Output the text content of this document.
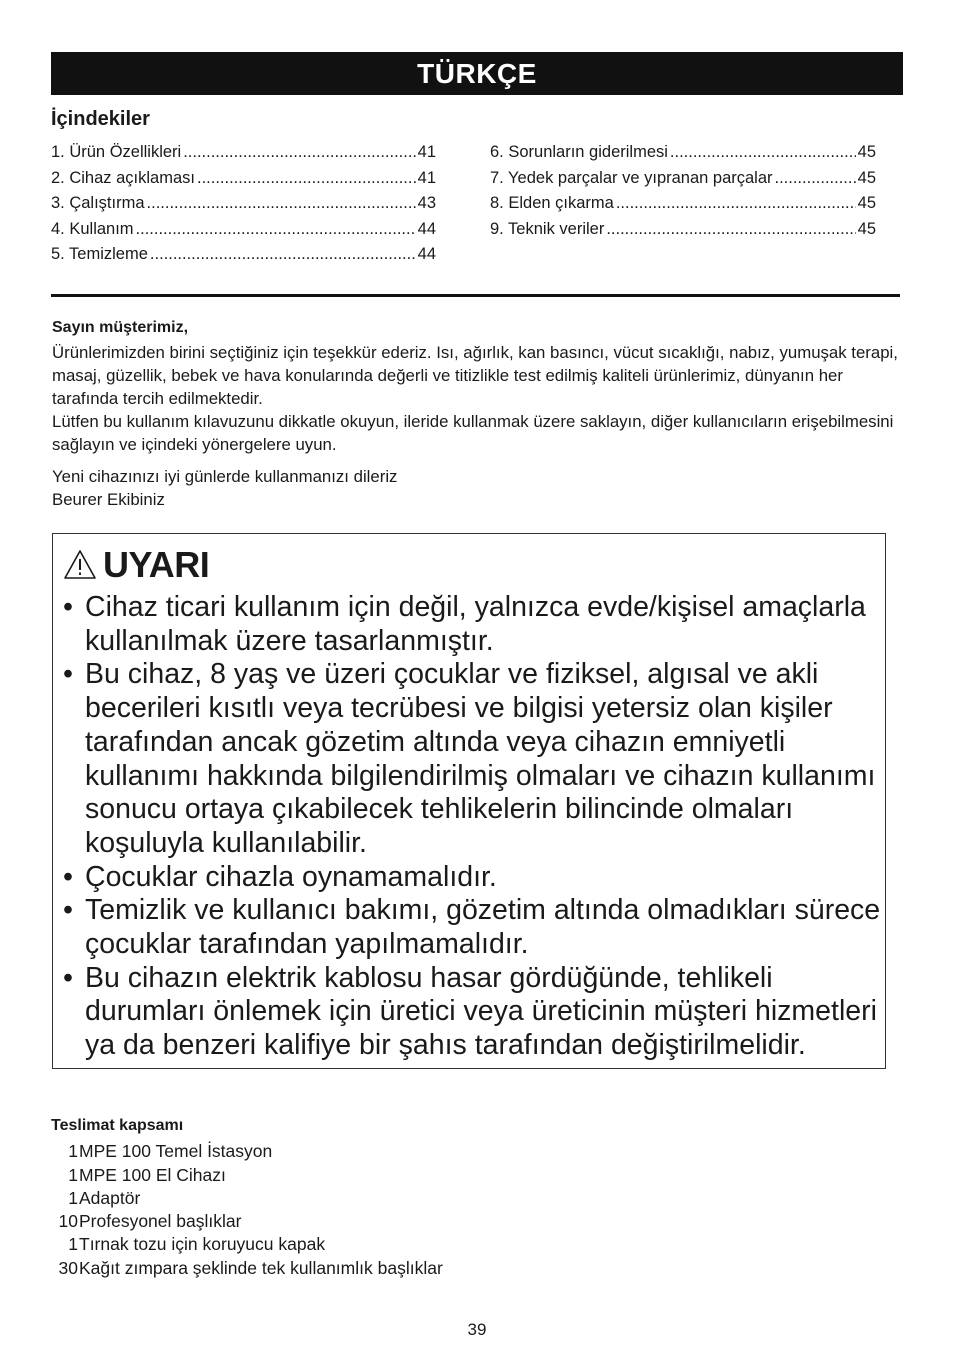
TÜRKÇE
İçindekiler
1. Ürün Özellikleri .....	41
2. Cihaz açıklaması .....	41
3. Çalıştırma .....	43
4. Kullanım .....	44
5. Temizleme .....	44
6. Sorunların giderilmesi .....	45
7. Yedek parçalar ve yıpranan parçalar .....	45
8. Elden çıkarma .....	45
9. Teknik veriler .....	45
Sayın müşterimiz,

Ürünlerimizden birini seçtiğiniz için teşekkür ederiz. Isı, ağırlık, kan basıncı, vücut sıcaklığı, nabız, yumuşak terapi, masaj, güzellik, bebek ve hava konularında değerli ve titizlikle test edilmiş kaliteli ürünlerimiz, dünyanın her tarafında tercih edilmektedir.

Lütfen bu kullanım kılavuzunu dikkatle okuyun, ileride kullanmak üzere saklayın, diğer kullanıcıların erişebilmesini sağlayın ve içindeki yönergelere uyun.

Yeni cihazınızı iyi günlerde kullanmanızı dileriz

Beurer Ekibiniz

UYARI
• Cihaz ticari kullanım için değil, yalnızca evde/kişisel amaçlarla kullanılmak üzere tasarlanmıştır.
• Bu cihaz, 8 yaş ve üzeri çocuklar ve fiziksel, algısal ve akli becerileri kısıtlı veya tecrübesi ve bilgisi yetersiz olan kişiler tarafından ancak gözetim altında veya cihazın emniyetli kullanımı hakkında bilgilendirilmiş olmaları ve cihazın kullanımı sonucu ortaya çıkabilecek tehlikelerin bilincinde olmaları koşuluyla kullanılabilir.
• Çocuklar cihazla oynamamalıdır.
• Temizlik ve kullanıcı bakımı, gözetim altında olmadıkları sürece çocuklar tarafından yapılmamalıdır.
• Bu cihazın elektrik kablosu hasar gördüğünde, tehlikeli durumları önlemek için üretici veya üreticinin müşteri hizmetleri ya da benzeri kalifiye bir şahıs tarafından değiştirilmelidir.
Teslimat kapsamı
1 MPE 100 Temel İstasyon
1 MPE 100 El Cihazı
1 Adaptör
10 Profesyonel başlıklar
1 Tırnak tozu için koruyucu kapak
30 Kağıt zımpara şeklinde tek kullanımlık başlıklar
39
